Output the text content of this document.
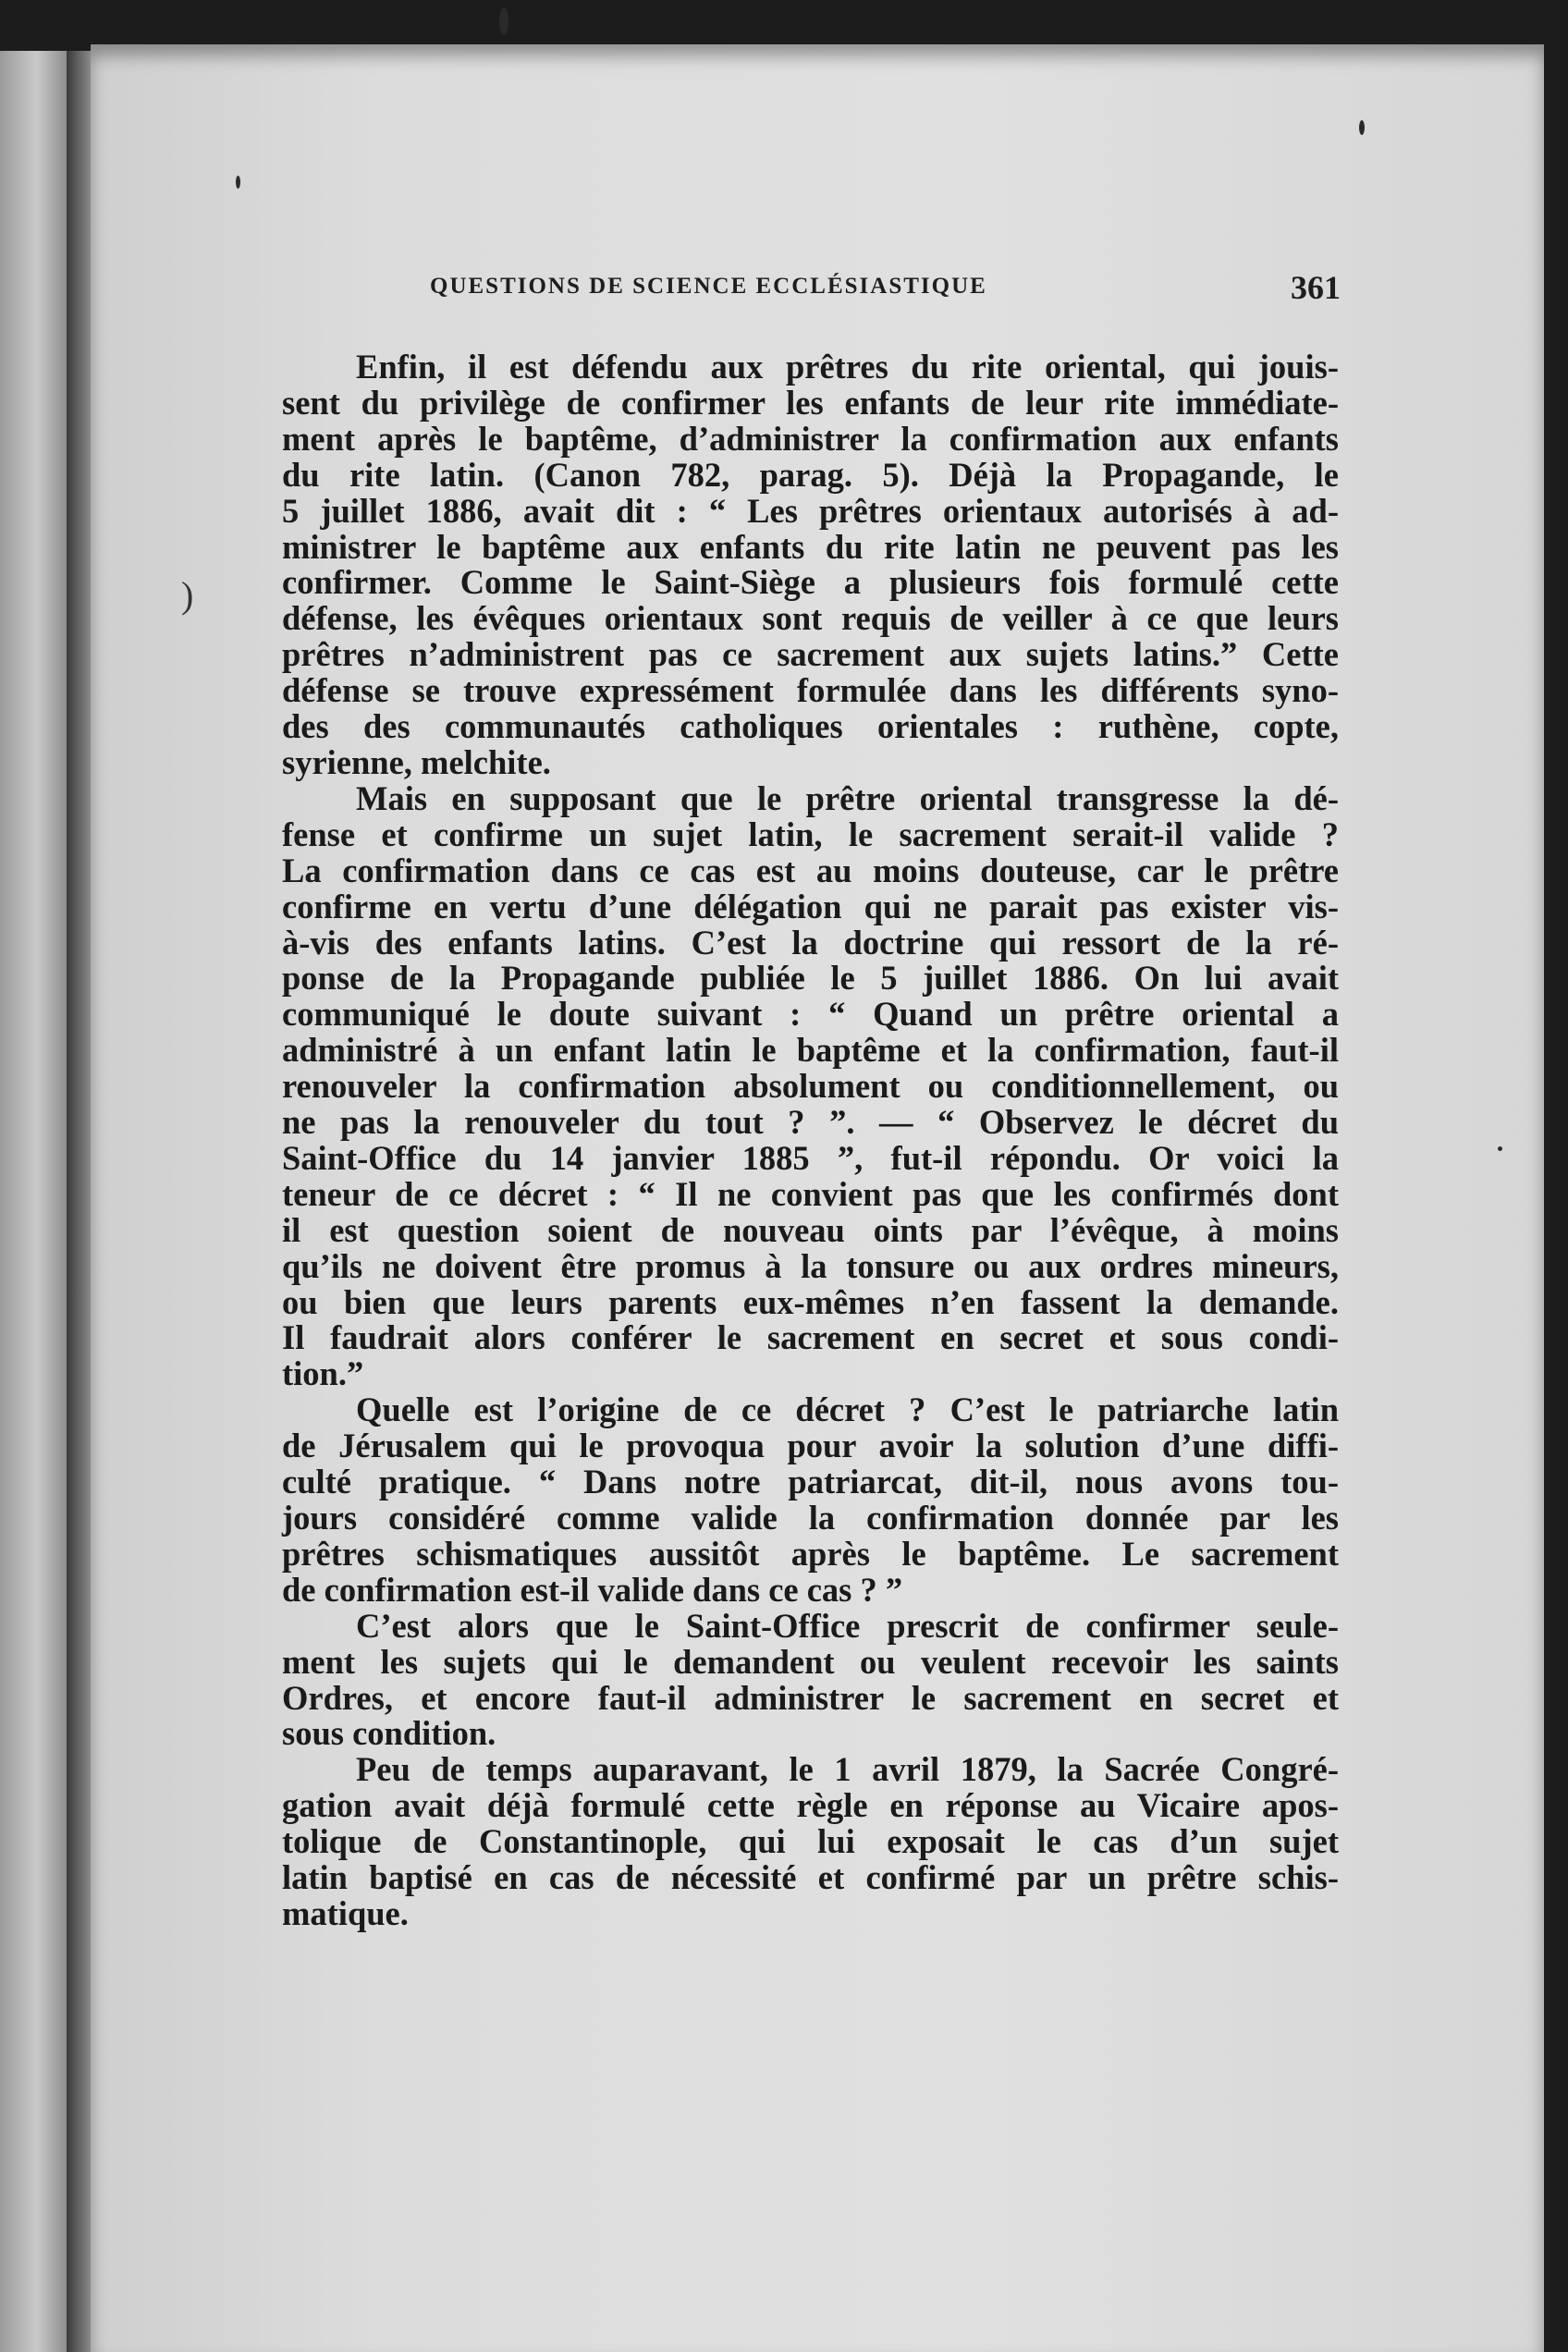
QUESTIONS DE SCIENCE ECCLÉSIASTIQUE	361
Enfin, il est défendu aux prêtres du rite oriental, qui jouis-
sent du privilège de confirmer les enfants de leur rite immédiate-
ment après le baptême, d’administrer la confirmation aux enfants
du rite latin. (Canon 782, parag. 5). Déjà la Propagande, le
5 juillet 1886, avait dit : “ Les prêtres orientaux autorisés à ad-
ministrer le baptême aux enfants du rite latin ne peuvent pas les
confirmer. Comme le Saint-Siège a plusieurs fois formulé cette
défense, les évêques orientaux sont requis de veiller à ce que leurs
prêtres n’administrent pas ce sacrement aux sujets latins.” Cette
défense se trouve expressément formulée dans les différents syno-
des des communautés catholiques orientales : ruthène, copte,
syrienne, melchite.
Mais en supposant que le prêtre oriental transgresse la dé-
fense et confirme un sujet latin, le sacrement serait-il valide ?
La confirmation dans ce cas est au moins douteuse, car le prêtre
confirme en vertu d’une délégation qui ne parait pas exister vis-
à-vis des enfants latins. C’est la doctrine qui ressort de la ré-
ponse de la Propagande publiée le 5 juillet 1886. On lui avait
communiqué le doute suivant : “ Quand un prêtre oriental a
administré à un enfant latin le baptême et la confirmation, faut-il
renouveler la confirmation absolument ou conditionnellement, ou
ne pas la renouveler du tout ? ”. — “ Observez le décret du
Saint-Office du 14 janvier 1885 ”, fut-il répondu. Or voici la
teneur de ce décret : “ Il ne convient pas que les confirmés dont
il est question soient de nouveau oints par l’évêque, à moins
qu’ils ne doivent être promus à la tonsure ou aux ordres mineurs,
ou bien que leurs parents eux-mêmes n’en fassent la demande.
Il faudrait alors conférer le sacrement en secret et sous condi-
tion.”
Quelle est l’origine de ce décret ? C’est le patriarche latin
de Jérusalem qui le provoqua pour avoir la solution d’une diffi-
culté pratique. “ Dans notre patriarcat, dit-il, nous avons tou-
jours considéré comme valide la confirmation donnée par les
prêtres schismatiques aussitôt après le baptême. Le sacrement
de confirmation est-il valide dans ce cas ? ”
C’est alors que le Saint-Office prescrit de confirmer seule-
ment les sujets qui le demandent ou veulent recevoir les saints
Ordres, et encore faut-il administrer le sacrement en secret et
sous condition.
Peu de temps auparavant, le 1 avril 1879, la Sacrée Congré-
gation avait déjà formulé cette règle en réponse au Vicaire apos-
tolique de Constantinople, qui lui exposait le cas d’un sujet
latin baptisé en cas de nécessité et confirmé par un prêtre schis-
matique.
)
